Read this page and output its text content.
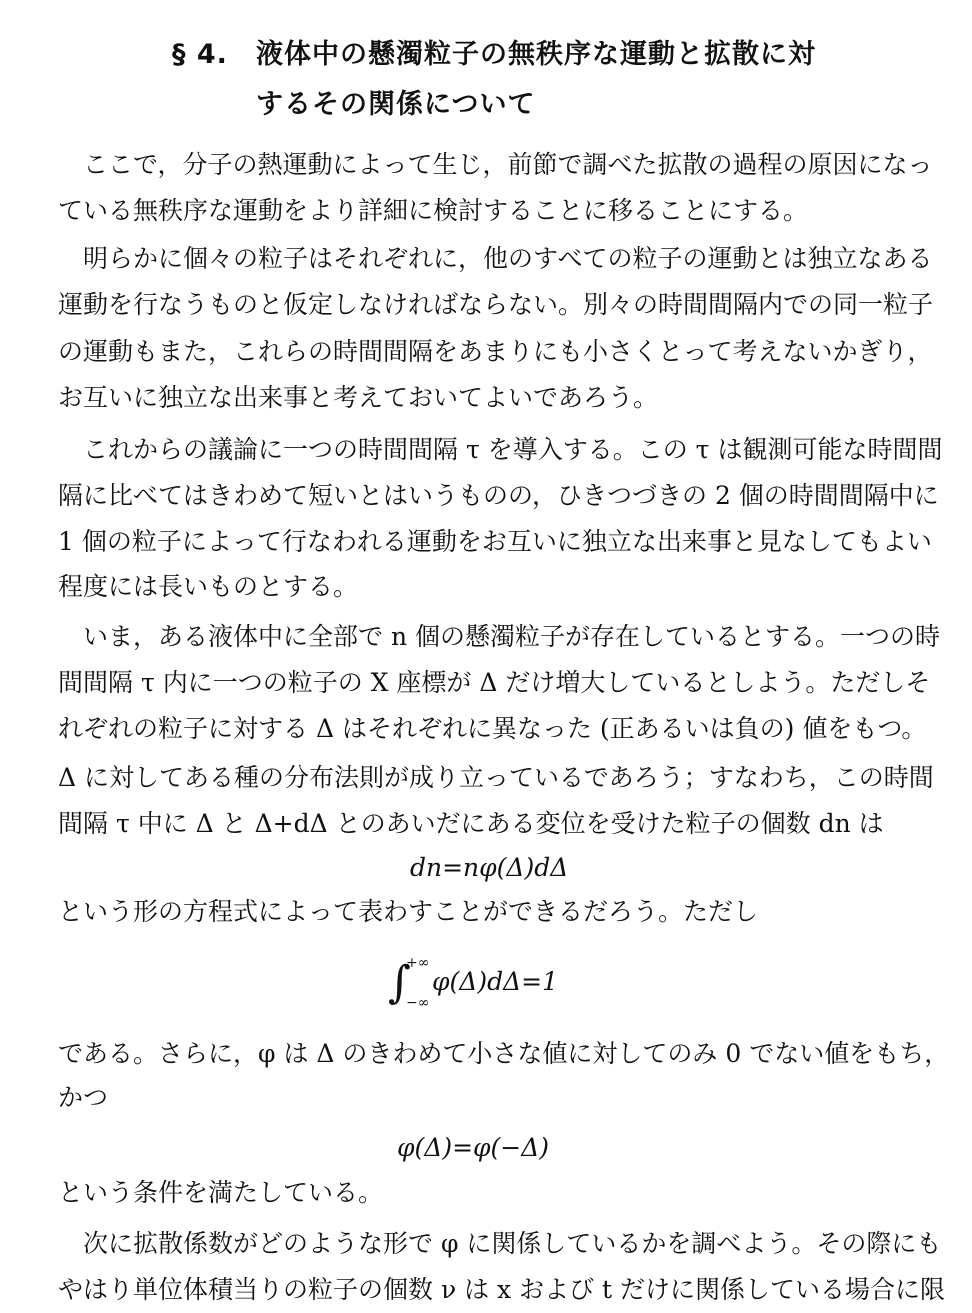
§ 4. 液体中の懸濁粒子の無秩序な運動と拡散に対
するその関係について
ここで，分子の熱運動によって生じ，前節で調べた拡散の過程の原因になっ
ている無秩序な運動をより詳細に検討することに移ることにする。
明らかに個々の粒子はそれぞれに，他のすべての粒子の運動とは独立なある
運動を行なうものと仮定しなければならない。別々の時間間隔内での同一粒子
の運動もまた，これらの時間間隔をあまりにも小さくとって考えないかぎり，
お互いに独立な出来事と考えておいてよいであろう。
これからの議論に一つの時間間隔 τ を導入する。この τ は観測可能な時間間
隔に比べてはきわめて短いとはいうものの，ひきつづきの 2 個の時間間隔中に
1 個の粒子によって行なわれる運動をお互いに独立な出来事と見なしてもよい
程度には長いものとする。
いま，ある液体中に全部で n 個の懸濁粒子が存在しているとする。一つの時
間間隔 τ 内に一つの粒子の X 座標が Δ だけ増大しているとしよう。ただしそ
れぞれの粒子に対する Δ はそれぞれに異なった (正あるいは負の) 値をもつ。
Δ に対してある種の分布法則が成り立っているであろう；すなわち，この時間
間隔 τ 中に Δ と Δ+dΔ とのあいだにある変位を受けた粒子の個数 dn は
dn=nφ(Δ)dΔ
という形の方程式によって表わすことができるだろう。ただし
∫
+∞
−∞
φ(Δ)dΔ=1
である。さらに，φ は Δ のきわめて小さな値に対してのみ 0 でない値をもち，
かつ
φ(Δ)=φ(−Δ)
という条件を満たしている。
次に拡散係数がどのような形で φ に関係しているかを調べよう。その際にも
やはり単位体積当りの粒子の個数 ν は x および t だけに関係している場合に限
